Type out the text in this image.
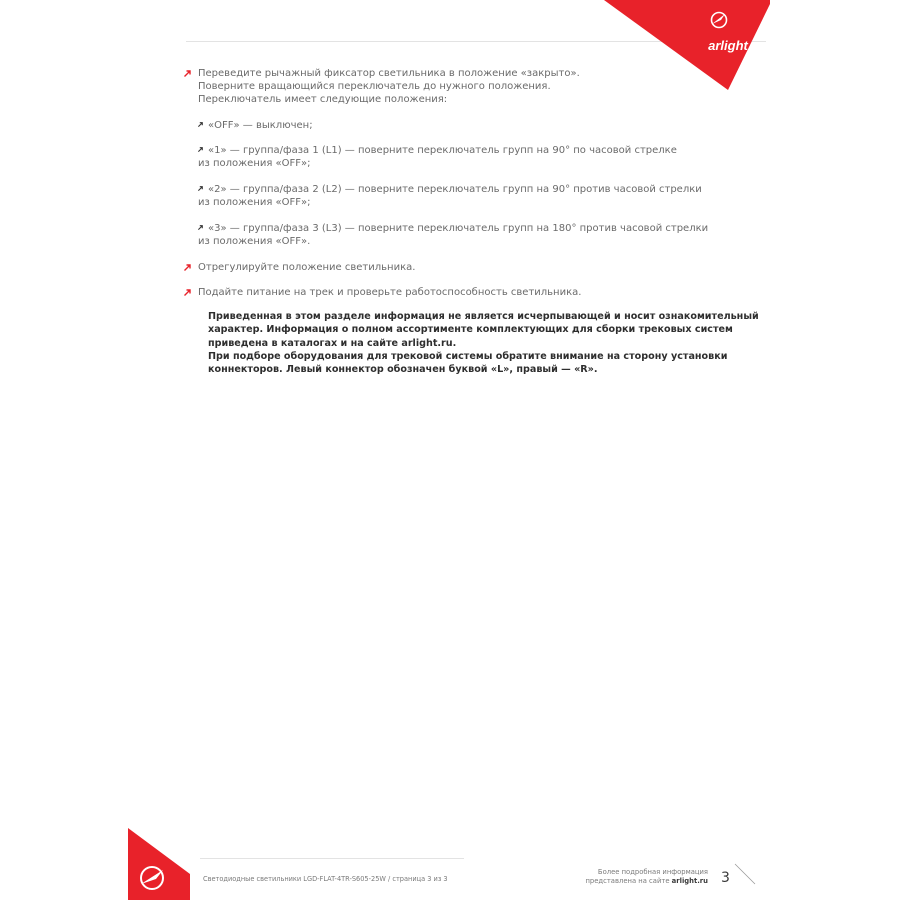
arlight
Переведите рычажный фиксатор светильника в положение «закрыто».
Поверните вращающийся переключатель до нужного положения.
Переключатель имеет следующие положения:
«OFF» — выключен;
«1» — группа/фаза 1 (L1) — поверните переключатель групп на 90° по часовой стрелке
из положения «OFF»;
«2» — группа/фаза 2 (L2) — поверните переключатель групп на 90° против часовой стрелки
из положения «OFF»;
«3» — группа/фаза 3 (L3) — поверните переключатель групп на 180° против часовой стрелки
из положения «OFF».
Отрегулируйте положение светильника.
Подайте питание на трек и проверьте работоспособность светильника.
Приведенная в этом разделе информация не является исчерпывающей и носит ознакомительный
характер. Информация о полном ассортименте комплектующих для сборки трековых систем
приведена в каталогах и на сайте arlight.ru.
При подборе оборудования для трековой системы обратите внимание на сторону установки
коннекторов. Левый коннектор обозначен буквой «L», правый — «R».
Светодиодные светильники LGD-FLAT-4TR-S605-25W / страница 3 из 3
Более подробная информация
представлена на сайте arlight.ru 3
